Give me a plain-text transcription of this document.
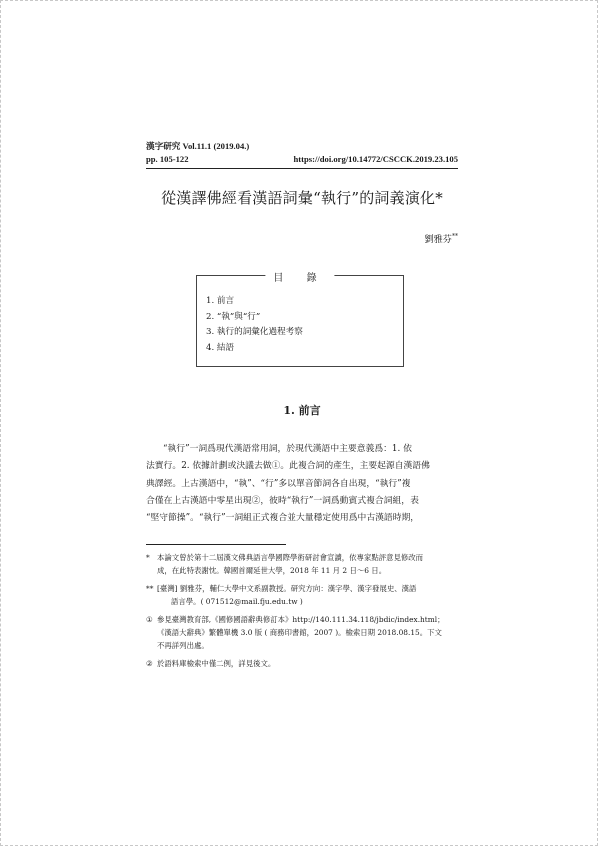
漢字研究 Vol.11.1 (2019.04.)
pp. 105-122	https://doi.org/10.14772/CSCCK.2019.23.105
從漢譯佛經看漢語詞彙“執行”的詞義演化*
劉雅芬**
目 錄
1. 前言
2. “執”與“行”
3. 執行的詞彙化過程考察
4. 結語
1. 前言
“執行”一詞爲現代漢語常用詞，於現代漢語中主要意義爲：1. 依
法實行。2. 依據計劃或決議去做①。此複合詞的產生，主要起源自漢語佛
典譯經。上古漢語中，“執”、“行”多以單音節詞各自出現，“執行”複
合僅在上古漢語中零星出現②，彼時“執行”一詞爲動賓式複合詞組，表
“堅守節操”。“執行”一詞組正式複合並大量穩定使用爲中古漢語時期，
* 本論文曾於第十二屆漢文佛典語言學國際學術研討會宣讀，依專家點評意見修改而
成，在此特表謝忱。韓國首爾延世大學，2018 年 11 月 2 日～6 日。
** [臺灣] 劉雅芬，輔仁大學中文系副教授。研究方向：漢字學、漢字發展史、漢語
語言學。( 071512@mail.fju.edu.tw )
① 參見臺灣教育部,《國修國語辭典修訂本》http://140.111.34.118/jbdic/index.html；
《漢語大辭典》繁體單機 3.0 版 ( 商務印書館，2007 )。檢索日期 2018.08.15。下文
不再詳列出處。
② 於語料庫檢索中僅二例，詳見後文。
